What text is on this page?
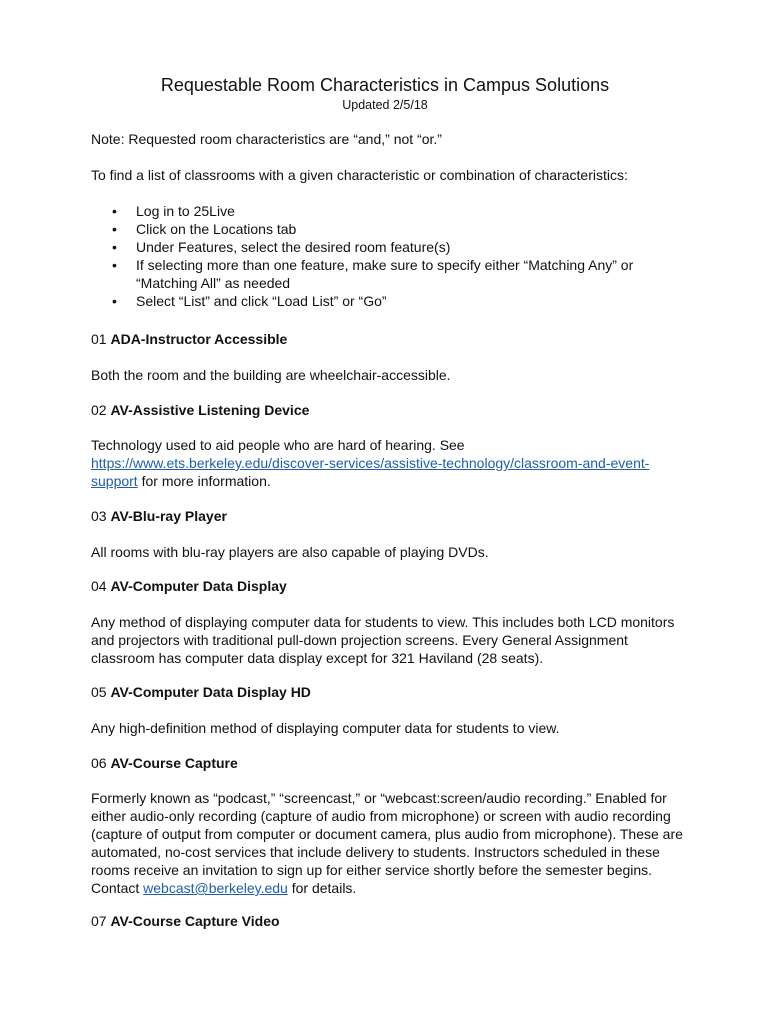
Requestable Room Characteristics in Campus Solutions
Updated 2/5/18

Note: Requested room characteristics are “and,” not “or.”

To find a list of classrooms with a given characteristic or combination of characteristics:

• Log in to 25Live
• Click on the Locations tab
• Under Features, select the desired room feature(s)
• If selecting more than one feature, make sure to specify either “Matching Any” or
“Matching All” as needed
• Select “List” and click “Load List” or “Go”

01 ADA-Instructor Accessible

Both the room and the building are wheelchair-accessible.

02 AV-Assistive Listening Device

Technology used to aid people who are hard of hearing. See
https://www.ets.berkeley.edu/discover-services/assistive-technology/classroom-and-event-
support for more information.

03 AV-Blu-ray Player

All rooms with blu-ray players are also capable of playing DVDs.

04 AV-Computer Data Display

Any method of displaying computer data for students to view. This includes both LCD monitors
and projectors with traditional pull-down projection screens. Every General Assignment
classroom has computer data display except for 321 Haviland (28 seats).

05 AV-Computer Data Display HD

Any high-definition method of displaying computer data for students to view.

06 AV-Course Capture

Formerly known as “podcast,” “screencast,” or “webcast:screen/audio recording.” Enabled for
either audio-only recording (capture of audio from microphone) or screen with audio recording
(capture of output from computer or document camera, plus audio from microphone). These are
automated, no-cost services that include delivery to students. Instructors scheduled in these
rooms receive an invitation to sign up for either service shortly before the semester begins.
Contact webcast@berkeley.edu for details.

07 AV-Course Capture Video
